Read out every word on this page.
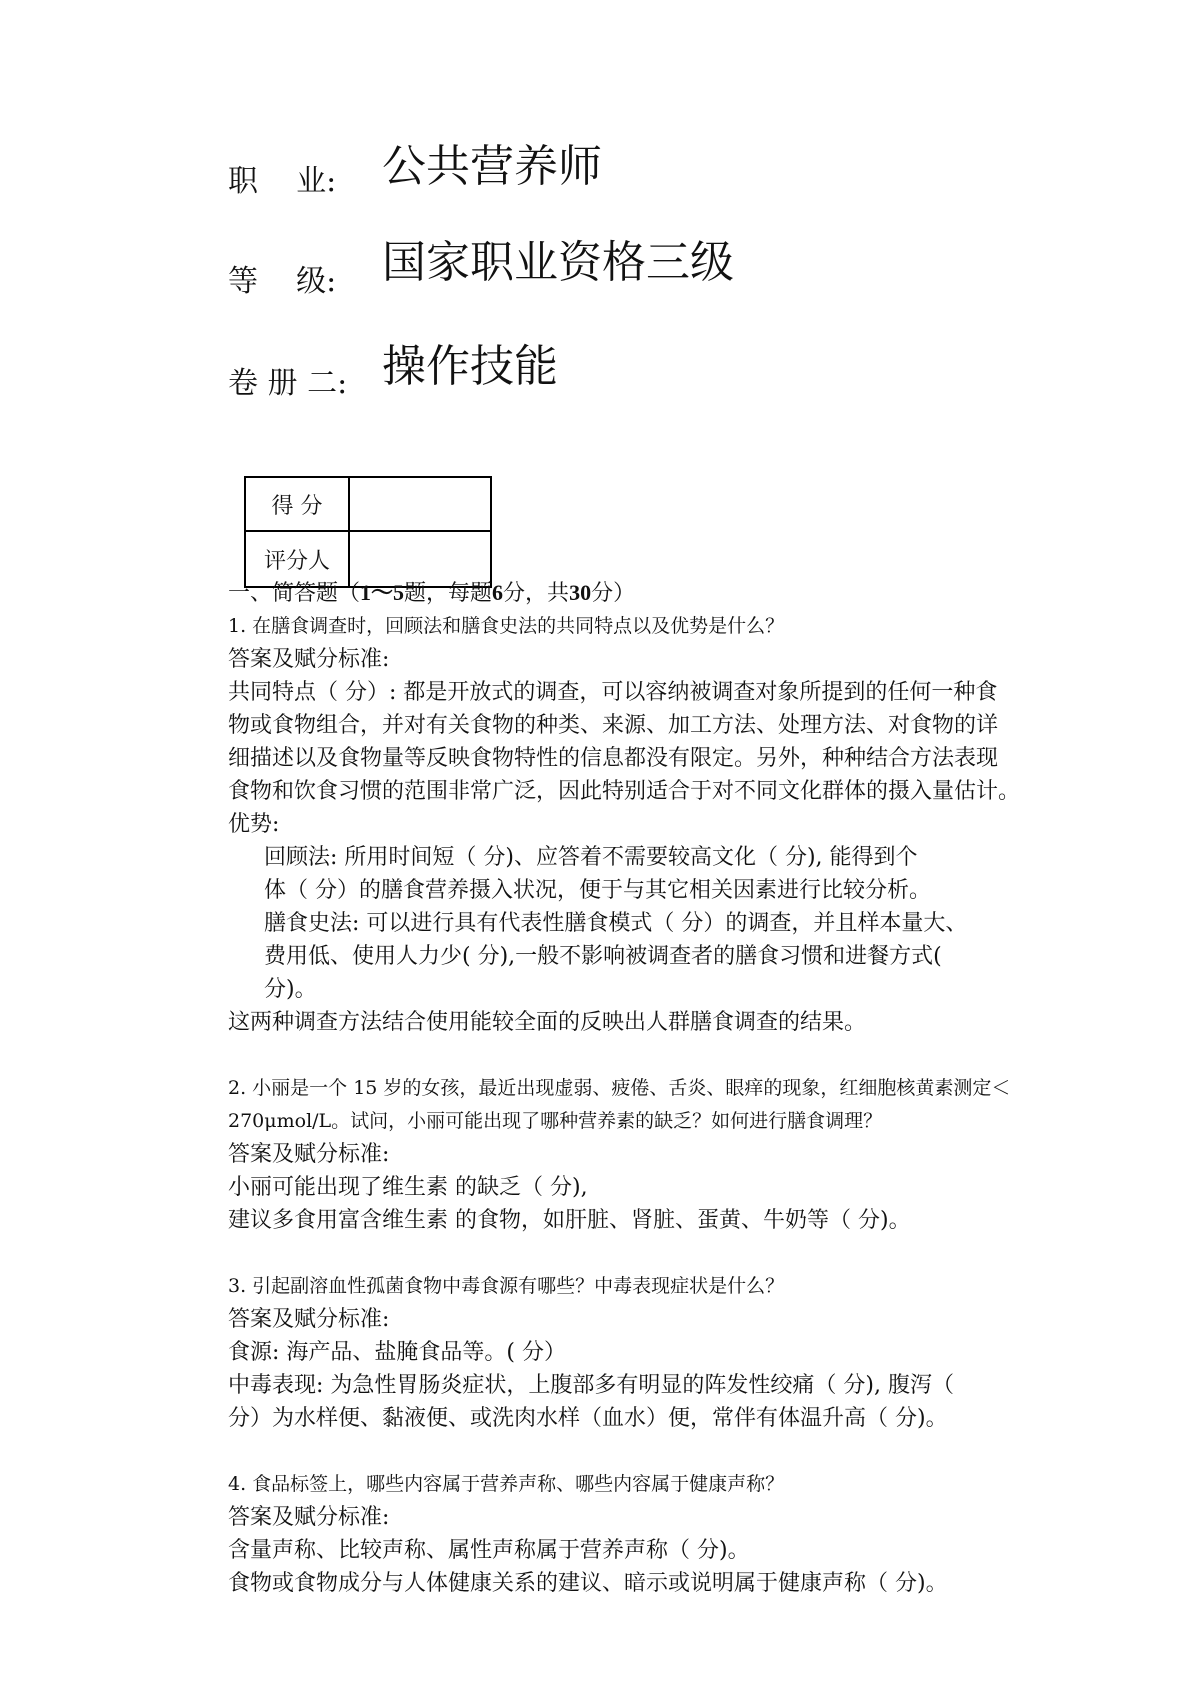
职    业: 公共营养师
等    级: 国家职业资格三级
卷 册 二: 操作技能
得 分	
评分人	
一、简答题（1～5题，每题6分，共30分）
1. 在膳食调查时，回顾法和膳食史法的共同特点以及优势是什么？
答案及赋分标准:
共同特点（ 分）: 都是开放式的调查，可以容纳被调查对象所提到的任何一种食
物或食物组合，并对有关食物的种类、来源、加工方法、处理方法、对食物的详
细描述以及食物量等反映食物特性的信息都没有限定。另外，种种结合方法表现
食物和饮食习惯的范围非常广泛，因此特别适合于对不同文化群体的摄入量估计。
优势:
回顾法: 所用时间短（ 分)、应答着不需要较高文化（ 分), 能得到个
体（ 分）的膳食营养摄入状况，便于与其它相关因素进行比较分析。
膳食史法: 可以进行具有代表性膳食模式（ 分）的调查，并且样本量大、
费用低、使用人力少( 分),一般不影响被调查者的膳食习惯和进餐方式(
分)。
这两种调查方法结合使用能较全面的反映出人群膳食调查的结果。
2. 小丽是一个 15 岁的女孩，最近出现虚弱、疲倦、舌炎、眼痒的现象，红细胞核黄素测定＜
270μmol/L。试问，小丽可能出现了哪种营养素的缺乏？如何进行膳食调理？
答案及赋分标准:
小丽可能出现了维生素 的缺乏（ 分),
建议多食用富含维生素 的食物，如肝脏、肾脏、蛋黄、牛奶等（ 分)。
3. 引起副溶血性孤菌食物中毒食源有哪些？中毒表现症状是什么？
答案及赋分标准:
食源: 海产品、盐腌食品等。( 分）
中毒表现: 为急性胃肠炎症状，上腹部多有明显的阵发性绞痛（ 分), 腹泻（
分）为水样便、黏液便、或洗肉水样（血水）便，常伴有体温升高（ 分)。
4. 食品标签上，哪些内容属于营养声称、哪些内容属于健康声称？
答案及赋分标准:
含量声称、比较声称、属性声称属于营养声称（ 分)。
食物或食物成分与人体健康关系的建议、暗示或说明属于健康声称（ 分)。
